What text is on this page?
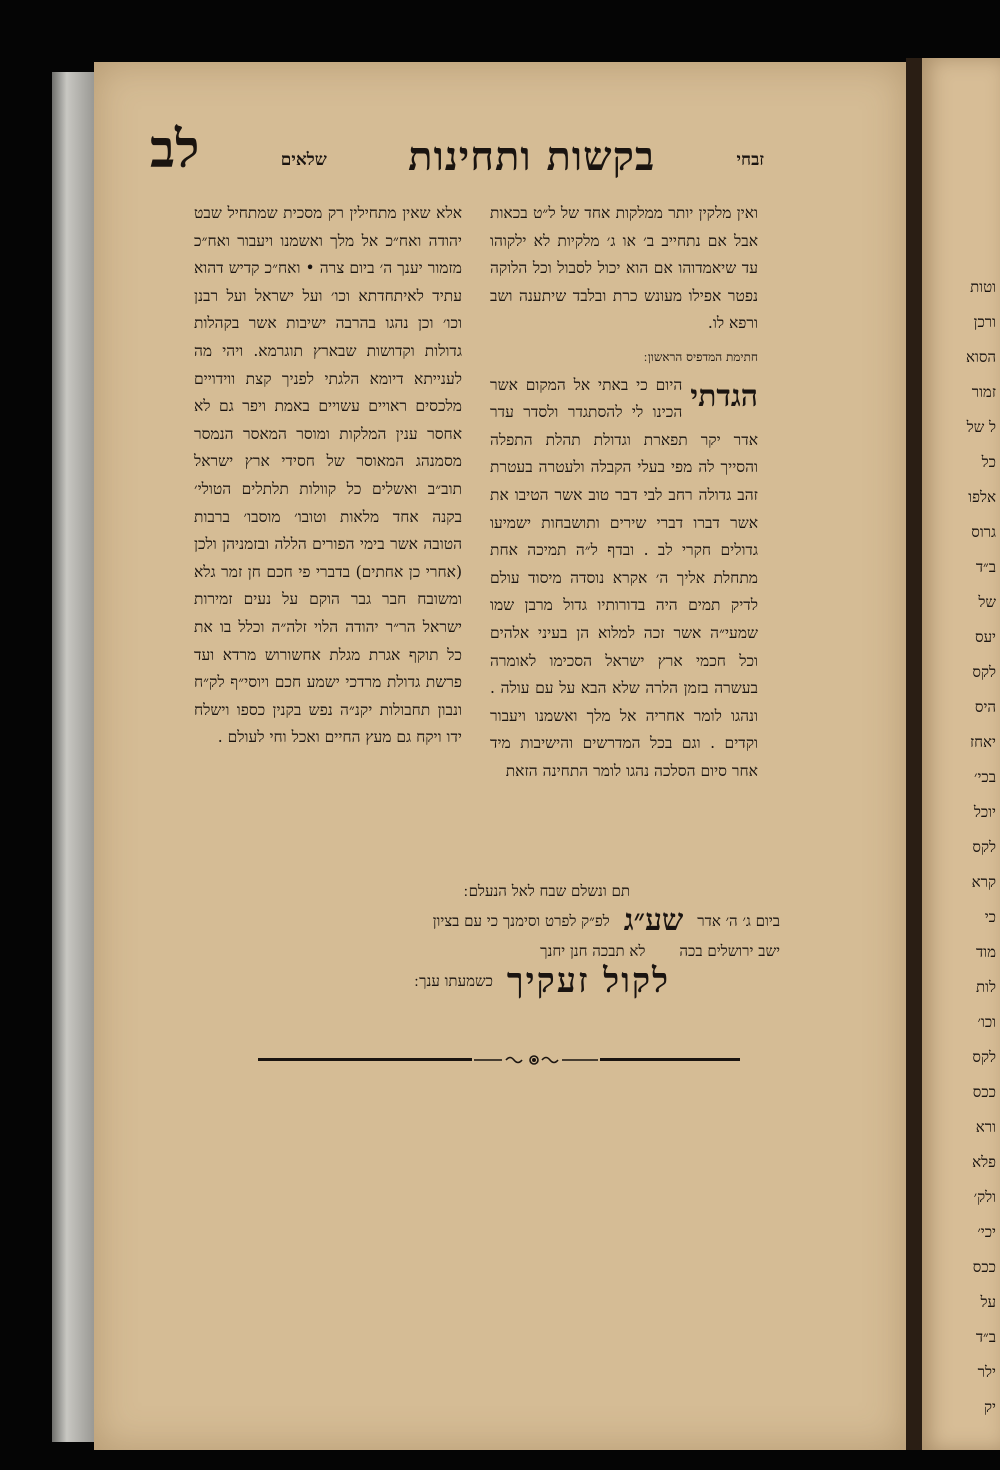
וטות
ורכן
הסוא
זמור
ל של
כל
אלפו
גרוס
ב״ד
של
יעס
לקס
היס
יאחז
בכי׳
יוכל
לקס
קרא
כי
מוד
לות
וכו׳
לקס
ככס
ורא
פלא
ולק׳
יכי׳
ככס
על
ב״ד
ילר
יק
זבחי
בקשות ותחינות
שלאים
לב

ואין מלקין יותר ממלקות אחד של ל״ט בכאות אבל אם נתחייב ב׳ או ג׳ מלקיות לא ילקוהו עד שיאמדוהו אם הוא יכול לסבול וכל הלוקה נפטר אפילו מעונש כרת ובלבד שיתענה ושב ורפא לו.

חתימת המדפיס הראשון ׃

הגדתי
היום כי באתי אל המקום אשר הכינו לי להסתגדר ולסדר עדר אדר יקר תפארת וגדולת תהלת התפלה והסייך לה מפי בעלי הקבלה ולעטרה בעטרת זהב גדולה רחב לבי דבר טוב אשר הטיבו את אשר דברו דברי שירים ותושבחות ישמיעו גדולים חקרי לב . ובדף ל״ה תמיכה אחת מתחלת אליך ה׳ אקרא נוסדה מיסוד עולם לדיק תמים היה בדורותיו גדול מרבן שמו שמעי״ה אשר זכה למלוא הן בעיני אלהים וכל חכמי ארץ ישראל הסכימו לאומרה בעשרה בזמן הלרה שלא הבא על עם עולה . ונהגו לומר אחריה אל מלך ואשמנו ויעבור וקדים . וגם בכל המדרשים והישיבות מיד אחר סיום הסלכה נהגו לומר התחינה הזאת

אלא שאין מתחילין רק מסכית שמתחיל שבט יהודה ואח״כ אל מלך ואשמנו ויעבור ואח״כ מזמור יענך ה׳ ביום צרה • ואח״כ קדיש דהוא עתיד לאיתחדתא וכו׳ ועל ישראל ועל רבנן וכו׳ וכן נהגו בהרבה ישיבות אשר בקהלות גדולות וקדושות שבארץ תוגרמא. ויהי מה לענייתא דיומא הלגתי לפניך קצת ווידויים מלכסים ראויים עשויים באמת ויפר גם לא אחסר ענין המלקות ומוסר המאסר הנמסר מסמנהג המאוסר של חסידי ארץ ישראל תוב״ב ואשלים כל קוולות תלתלים הטולי׳ בקנה אחד מלאות וטובו׳ מוסבו׳ ברבות הטובה אשר בימי הפורים הללה ובזמניהן ולכן (אחרי כן אחתים) בדברי פי חכם חן זמר גלא ומשובח חבר גבר הוקם על נעים זמירות ישראל הר״ר יהודה הלוי זלה״ה וכלל בו את כל תוקף אגרת מגלת אחשורוש מרדא ועד פרשת גדולת מרדכי ישמע חכם ויוסי״ף לק״ח ונבון תחבולות יקנ״ה נפש בקנין כספו וישלח ידו ויקח גם מעץ החיים ואכל וחי לעולם .

תם ונשלם שבח לאל הנעלם ׃
ביום ג׳ ה׳ אדר
שע״ג
לפ״ק לפרט וסימנך כי עם בציון
ישב ירושלים בכה
לא תבכה חנן יחנך
לקול זעקיך
כשמעתו ענך ׃
